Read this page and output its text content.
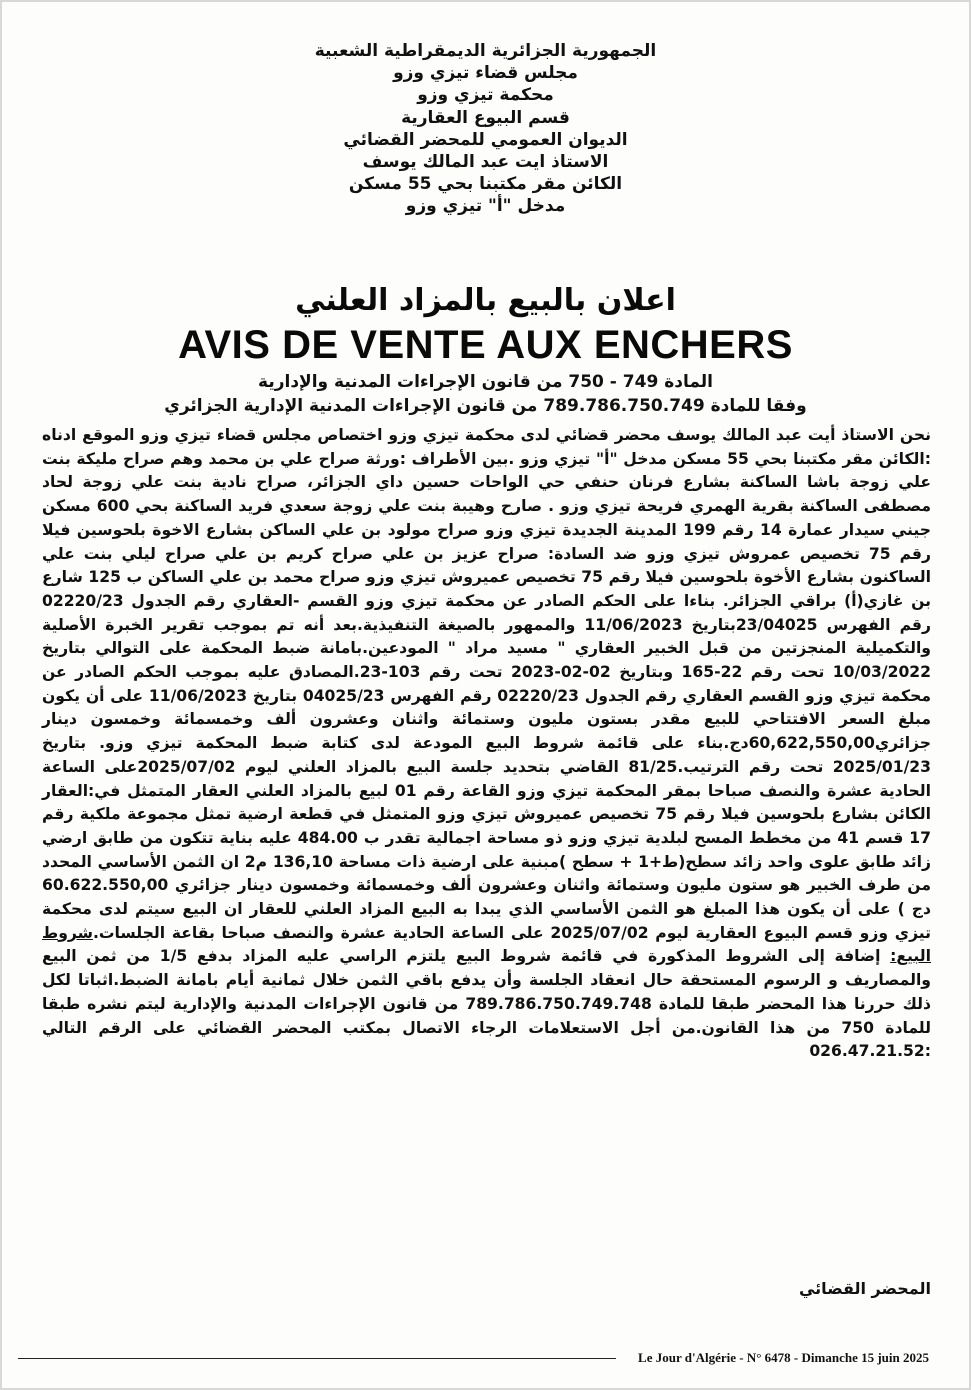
الجمهورية الجزائرية الديمقراطية الشعبية
مجلس قضاء تيزي وزو
محكمة تيزي وزو
قسم البيوع العقارية
الديوان العمومي للمحضر القضائي
الاستاذ ايت عبد المالك يوسف
الكائن مقر مكتبنا بحي 55 مسكن
مدخل "أ" تيزي وزو
اعلان بالبيع بالمزاد العلني
AVIS DE VENTE AUX ENCHERS
المادة 749 - 750 من قانون الإجراءات المدنية والإدارية
وفقا للمادة 789.786.750.749 من قانون الإجراءات المدنية الإدارية الجزائري

نحن الاستاذ أيت عبد المالك يوسف محضر قضائي لدى محكمة تيزي وزو اختصاص مجلس قضاء تيزي وزو الموقع ادناه :الكائن مقر مكتبنا بحي 55 مسكن مدخل "أ" تيزي وزو .بين الأطراف :ورثة صراح علي بن محمد وهم صراح مليكة بنت علي زوجة باشا الساكنة بشارع فرنان حنفي حي الواحات حسين داي الجزائر، صراح نادية بنت علي زوجة لحاد مصطفى الساكنة بقرية الهمري فريحة تيزي وزو . صارح وهيبة بنت علي زوجة سعدي فريد الساكنة بحي 600 مسكن جيني سيدار عمارة 14 رقم 199 المدينة الجديدة تيزي وزو صراح مولود بن علي الساكن بشارع الاخوة بلحوسين فيلا رقم 75 تخصيص عمروش تيزي وزو ضد السادة: صراح عزيز بن علي صراح كريم بن علي صراح ليلي بنت علي الساكنون بشارع الأخوة بلحوسين فيلا رقم 75 تخصيص عميروش تيزي وزو صراح محمد بن علي الساكن ب 125 شارع بن غازي(أ) براقي الجزائر. بناءا على الحكم الصادر عن محكمة تيزي وزو القسم -العقاري رقم الجدول 02220/23 رقم الفهرس 23/04025بتاريخ 11/06/2023 والممهور بالصيغة التنفيذية.بعد أنه تم بموجب تقرير الخبرة الأصلية والتكميلية المنجزتين من قبل الخبير العقاري " مسيد مراد " المودعين.بامانة ضبط المحكمة على التوالي بتاريخ 10/03/2022 تحت رقم 22-165 وبتاريخ 02-02-2023 تحت رقم 103-23.المصادق عليه بموجب الحكم الصادر عن محكمة تيزي وزو القسم العقاري رقم الجدول 02220/23 رقم الفهرس 04025/23 بتاريخ 11/06/2023 على أن يكون مبلغ السعر الافتتاحي للبيع مقدر بستون مليون وستمائة واثنان وعشرون ألف وخمسمائة وخمسون دينار جزائري60,622,550,00دج.بناء على قائمة شروط البيع المودعة لدى كتابة ضبط المحكمة تيزي وزو. بتاريخ 2025/01/23 تحت رقم الترتيب.81/25 القاضي بتحديد جلسة البيع بالمزاد العلني ليوم 2025/07/02على الساعة الحادية عشرة والنصف صباحا بمقر المحكمة تيزي وزو القاعة رقم 01 لبيع بالمزاد العلني العقار المتمثل في:العقار الكائن بشارع بلحوسين فيلا رقم 75 تخصيص عميروش تيزي وزو المتمثل في قطعة ارضية تمثل مجموعة ملكية رقم 17 قسم 41 من مخطط المسح لبلدية تيزي وزو ذو مساحة اجمالية تقدر ب 484.00 عليه بناية تتكون من طابق ارضي زائد طابق علوى واحد زائد سطح(ط+1 + سطح )مبنية على ارضية ذات مساحة 136,10 م2 ان الثمن الأساسي المحدد من طرف الخبير هو ستون مليون وستمائة واثنان وعشرون ألف وخمسمائة وخمسون دينار جزائري 60.622.550,00 دج ) على أن يكون هذا المبلغ هو الثمن الأساسي الذي يبدا به البيع المزاد العلني للعقار ان البيع سيتم لدى محكمة تيزي وزو قسم البيوع العقارية ليوم 2025/07/02 على الساعة الحادية عشرة والنصف صباحا بقاعة الجلسات.شروط البيع: إضافة إلى الشروط المذكورة في قائمة شروط البيع يلتزم الراسي عليه المزاد بدفع 1/5 من ثمن البيع والمصاريف و الرسوم المستحقة حال انعقاد الجلسة وأن يدفع باقي الثمن خلال ثمانية أيام بامانة الضبط.اثباتا لكل ذلك حررنا هذا المحضر طبقا للمادة 789.786.750.749.748 من قانون الإجراءات المدنية والإدارية ليتم نشره طبقا للمادة 750 من هذا القانون.من أجل الاستعلامات الرجاء الاتصال بمكتب المحضر القضائي على الرقم التالي :026.47.21.52

المحضر القضائي
Le Jour d'Algérie - N° 6478 - Dimanche 15 juin 2025
